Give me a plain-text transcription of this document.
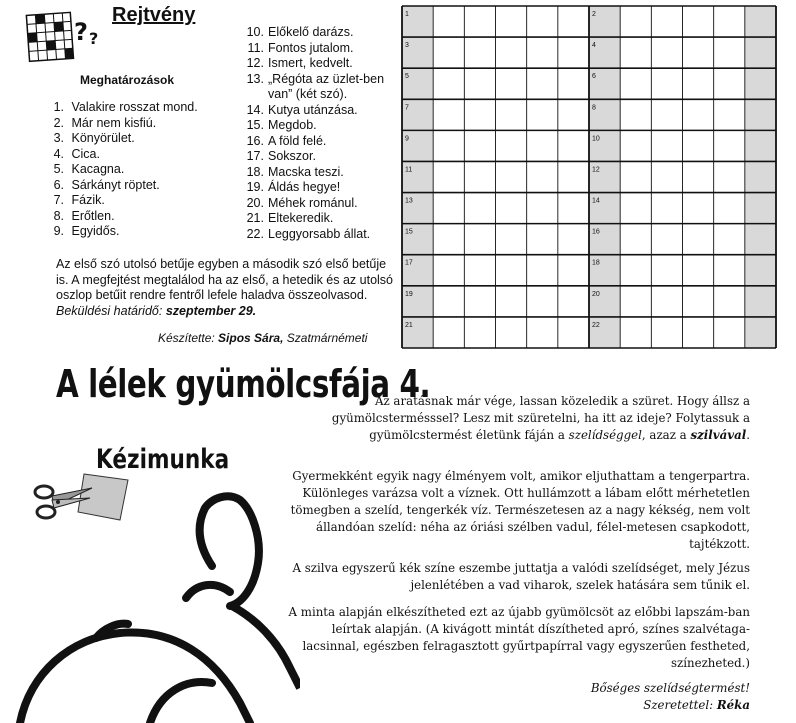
? ?
Rejtvény
Meghatározások
1. Valakire rosszat mond.
2. Már nem kisfiú.
3. Könyörület.
4. Cica.
5. Kacagna.
6. Sárkányt röptet.
7. Fázik.
8. Erőtlen.
9. Egyidős.
10. Előkelő darázs.
11. Fontos jutalom.
12. Ismert, kedvelt.
13. „Régóta az üzlet-ben van” (két szó).
14. Kutya utánzása.
15. Megdob.
16. A föld felé.
17. Sokszor.
18. Macska teszi.
19. Áldás hegye!
20. Méhek románul.
21. Eltekeredik.
22. Leggyorsabb állat.
Az első szó utolsó betűje egyben a második szó első betűje is. A megfejtést megtalálod ha az első, a hetedik és az utolsó oszlop betűit rendre fentről lefele haladva összeolvasod. Beküldési határidő: szeptember 29.
Készítette: Sipos Sára, Szatmárnémeti
1
3
5
7
9
11
13
15
17
19
21
2
4
6
8
10
12
14
16
18
20
22
A lélek gyümölcsfája 4.
Kézimunka
Az aratásnak már vége, lassan közeledik a szüret. Hogy állsz a gyümölcstermésssel? Lesz mit szüretelni, ha itt az ideje? Folytassuk a gyümölcstermést életünk fáján a szelídséggel, azaz a szilvával.
Gyermekként egyik nagy élményem volt, amikor eljuthattam a tengerpartra. Különleges varázsa volt a víznek. Ott hullámzott a lábam előtt mérhetetlen tömegben a szelíd, tengerkék víz. Természetesen az a nagy kékség, nem volt állandóan szelíd: néha az óriási szélben vadul, félel-metesen csapkodott, tajtékzott.
A szilva egyszerű kék színe eszembe juttatja a valódi szelídséget, mely Jézus jelenlétében a vad viharok, szelek hatására sem tűnik el.
A minta alapján elkészítheted ezt az újabb gyümölcsöt az előbbi lapszám-ban leírtak alapján. (A kivágott mintát díszítheted apró, színes szalvétaga-lacsinnal, egészben felragasztott gyűrtpapírral vagy egyszerűen festheted, színezheted.)
Bőséges szelídségtermést!
Szeretettel: Réka
